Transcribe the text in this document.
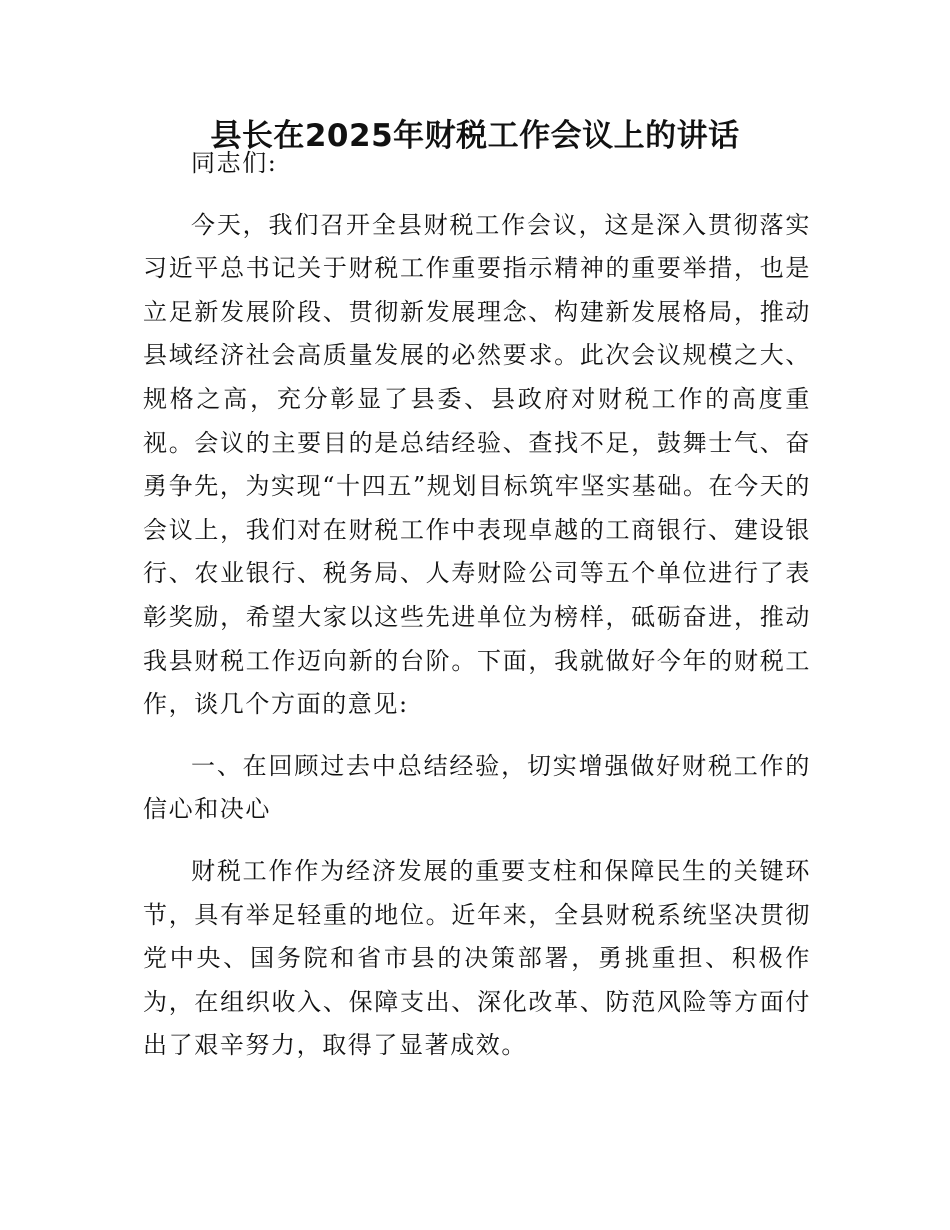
县长在2025年财税工作会议上的讲话

同志们:

今天，我们召开全县财税工作会议，这是深入贯彻落实习近平总书记关于财税工作重要指示精神的重要举措，也是立足新发展阶段、贯彻新发展理念、构建新发展格局，推动县域经济社会高质量发展的必然要求。此次会议规模之大、规格之高，充分彰显了县委、县政府对财税工作的高度重视。会议的主要目的是总结经验、查找不足，鼓舞士气、奋勇争先，为实现“十四五”规划目标筑牢坚实基础。在今天的会议上，我们对在财税工作中表现卓越的工商银行、建设银行、农业银行、税务局、人寿财险公司等五个单位进行了表彰奖励，希望大家以这些先进单位为榜样，砥砺奋进，推动我县财税工作迈向新的台阶。下面，我就做好今年的财税工作，谈几个方面的意见:

一、在回顾过去中总结经验，切实增强做好财税工作的信心和决心

财税工作作为经济发展的重要支柱和保障民生的关键环节，具有举足轻重的地位。近年来，全县财税系统坚决贯彻党中央、国务院和省市县的决策部署，勇挑重担、积极作为，在组织收入、保障支出、深化改革、防范风险等方面付出了艰辛努力，取得了显著成效。
